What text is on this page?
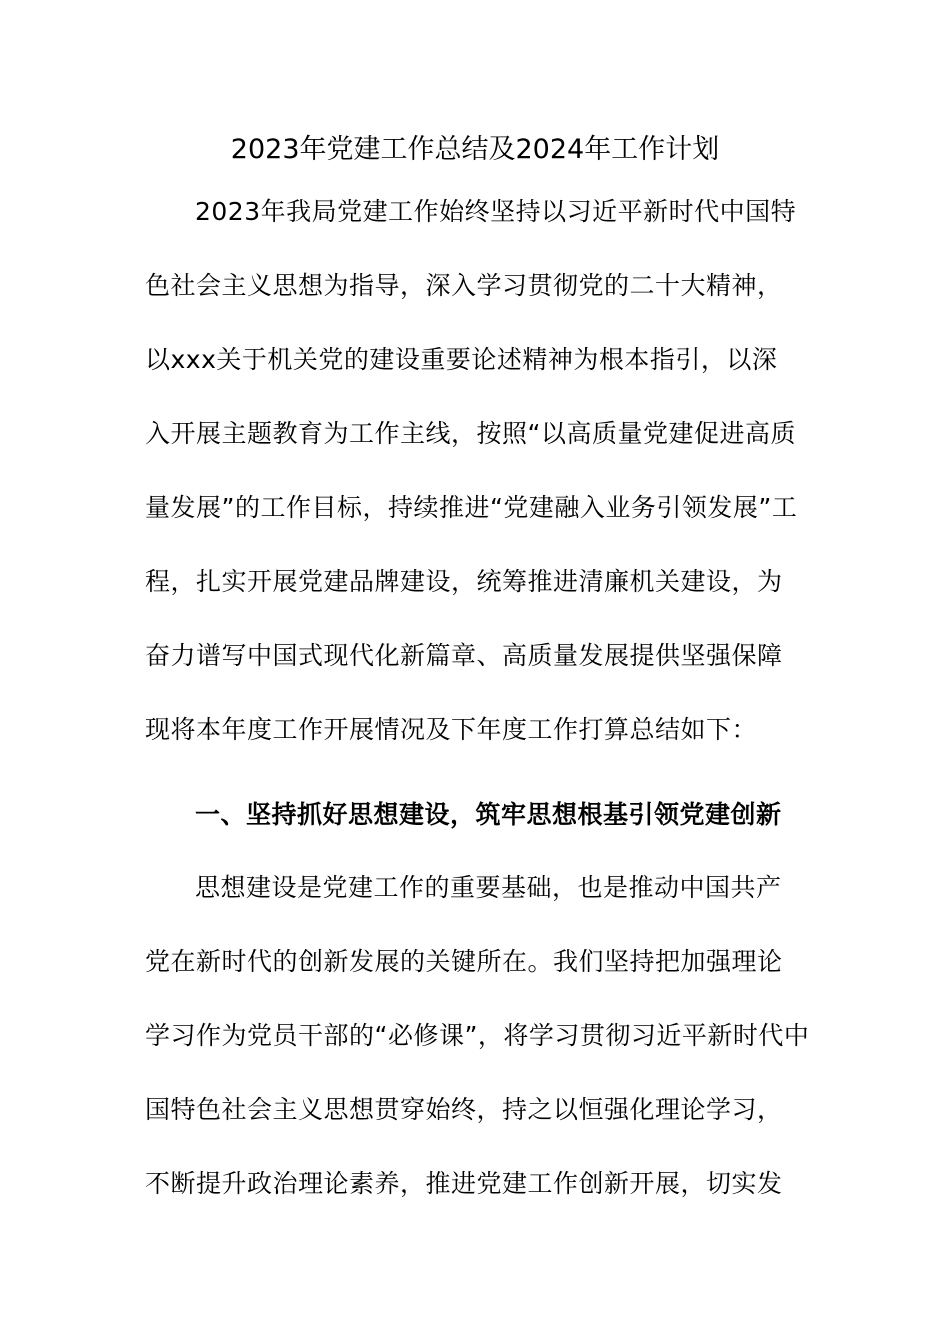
2023年党建工作总结及2024年工作计划
2023年我局党建工作始终坚持以习近平新时代中国特
色社会主义思想为指导，深入学习贯彻党的二十大精神，
以xxx关于机关党的建设重要论述精神为根本指引，以深
入开展主题教育为工作主线，按照“以高质量党建促进高质
量发展”的工作目标，持续推进“党建融入业务引领发展”工
程，扎实开展党建品牌建设，统筹推进清廉机关建设，为
奋力谱写中国式现代化新篇章、高质量发展提供坚强保障
现将本年度工作开展情况及下年度工作打算总结如下：
一、坚持抓好思想建设，筑牢思想根基引领党建创新
思想建设是党建工作的重要基础，也是推动中国共产
党在新时代的创新发展的关键所在。我们坚持把加强理论
学习作为党员干部的“必修课”，将学习贯彻习近平新时代中
国特色社会主义思想贯穿始终，持之以恒强化理论学习，
不断提升政治理论素养，推进党建工作创新开展，切实发
